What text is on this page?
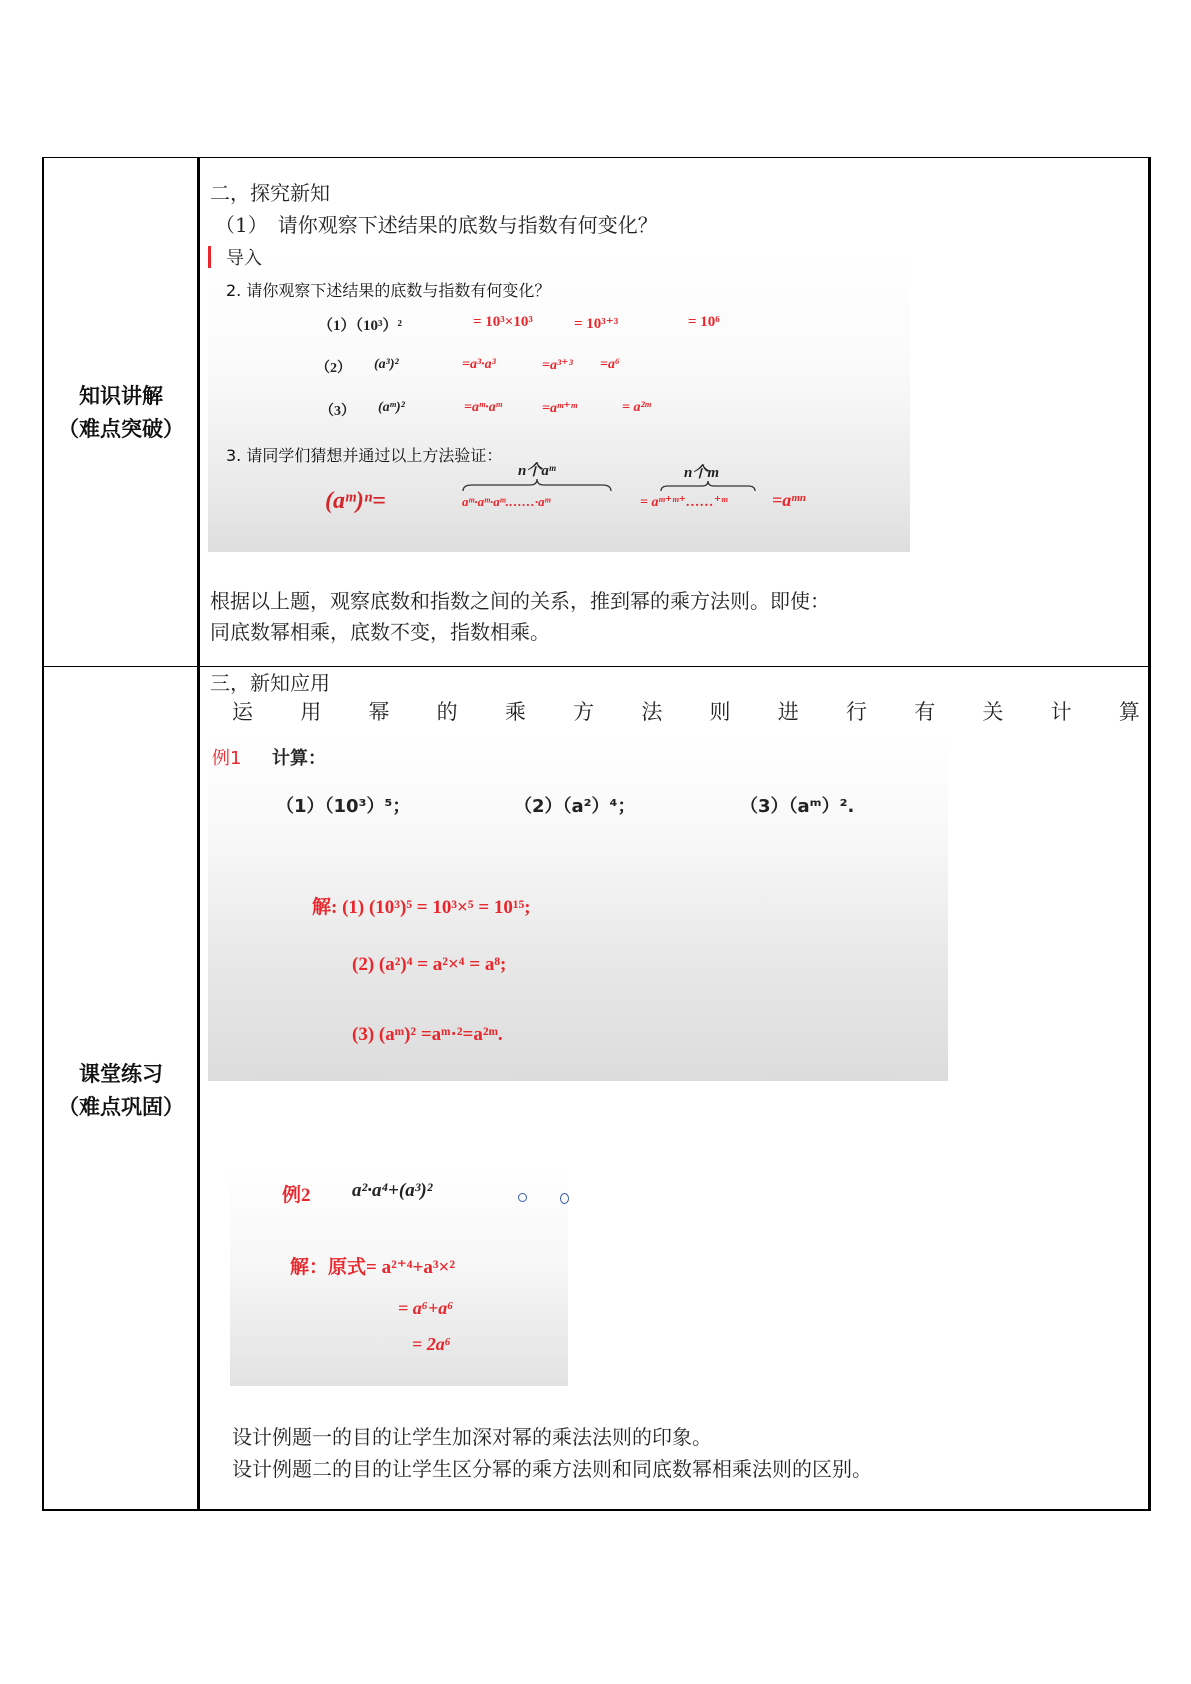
知识讲解
（难点突破）
二，探究新知
（1）　请你观察下述结果的底数与指数有何变化？
导入
2. 请你观察下述结果的底数与指数有何变化？
（1）（10³）²	= 10³×10³	= 10³⁺³	= 10⁶
（2） (a³)²	=a³·a³	=a³⁺³ =a⁶
（3） (aᵐ)²	=aᵐ·aᵐ	=aᵐ⁺ᵐ	= a²ᵐ
3. 请同学们猜想并通过以上方法验证：
n个aᵐ	n个m
(aᵐ)ⁿ=	aᵐ·aᵐ·aᵐ.……·aᵐ	= aᵐ⁺ᵐ⁺……⁺ᵐ =aᵐⁿ
根据以上题，观察底数和指数之间的关系，推到幂的乘方法则。即使：
同底数幂相乘，底数不变，指数相乘。
课堂练习
（难点巩固）
三，新知应用
运 用 幂 的 乘 方 法 则 进 行 有 关 计 算
例1 计算：
（1）（10³）⁵；	（2）（a²）⁴；	（3）（aᵐ）².
解: (1) (10³)⁵ = 10³×⁵ = 10¹⁵;
(2) (a²)⁴ = a²×⁴ = a⁸;
(3) (aᵐ)² =aᵐ·²=a²ᵐ.
例2 a²·a⁴+(a³)²
解：原式= a²⁺⁴+a³×²
= a⁶+a⁶
= 2a⁶
设计例题一的目的让学生加深对幂的乘法法则的印象。
设计例题二的目的让学生区分幂的乘方法则和同底数幂相乘法则的区别。
